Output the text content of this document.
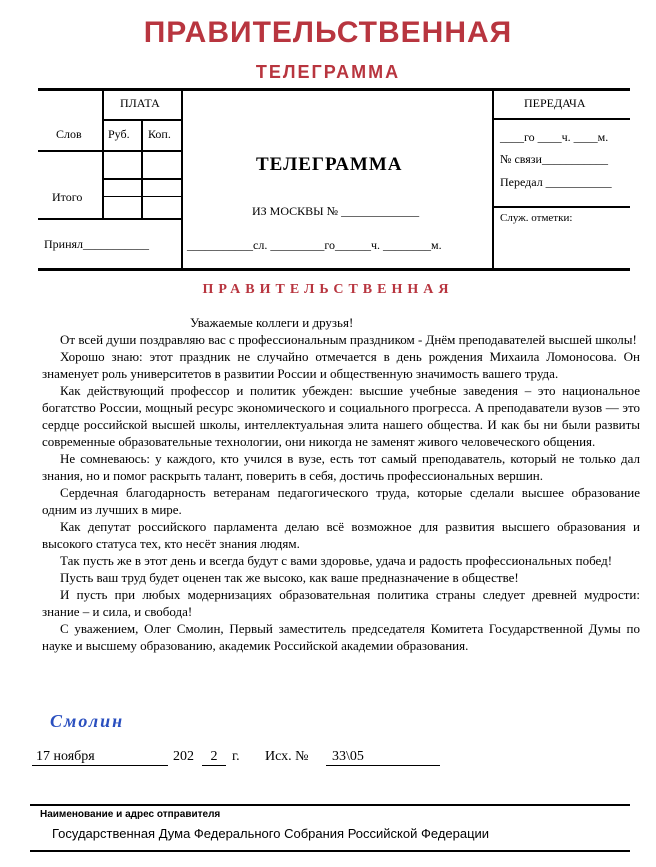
ПРАВИТЕЛЬСТВЕННАЯ
ТЕЛЕГРАММА
ПЛАТА
Слов Руб. Коп.
Итого
Принял___________
ТЕЛЕГРАММА
ИЗ МОСКВЫ № _____________
___________сл. _________го______ч. ________м.
ПЕРЕДАЧА
____го ____ч. ____м.
№ связи___________
Передал ___________
Служ. отметки:
ПРАВИТЕЛЬСТВЕННАЯ

Уважаемые коллеги и друзья!

От всей души поздравляю вас с профессиональным праздником - Днём преподавателей высшей школы!

Хорошо знаю: этот праздник не случайно отмечается в день рождения Михаила Ломоносова. Он знаменует роль университетов в развитии России и общественную значимость вашего труда.

Как действующий профессор и политик убежден: высшие учебные заведения – это национальное богатство России, мощный ресурс экономического и социального прогресса. А преподаватели вузов — это сердце российской высшей школы, интеллектуальная элита нашего общества. И как бы ни были развиты современные образовательные технологии, они никогда не заменят живого человеческого общения.

Не сомневаюсь: у каждого, кто учился в вузе, есть тот самый преподаватель, который не только дал знания, но и помог раскрыть талант, поверить в себя, достичь профессиональных вершин.

Сердечная благодарность ветеранам педагогического труда, которые сделали высшее образование одним из лучших в мире.

Как депутат российского парламента делаю всё возможное для развития высшего образования и высокого статуса тех, кто несёт знания людям.

Так пусть же в этот день и всегда будут с вами здоровье, удача и радость профессиональных побед!

Пусть ваш труд будет оценен так же высоко, как ваше предназначение в обществе!

И пусть при любых модернизациях образовательная политика страны следует древней мудрости: знание – и сила, и свобода!

С уважением, Олег Смолин, Первый заместитель председателя Комитета Государственной Думы по науке и высшему образованию, академик Российской академии образования.

Смолин
17 ноября	202	2	г. Исх. №	33\05
Наименование и адрес отправителя
Государственная Дума Федерального Собрания Российской Федерации
